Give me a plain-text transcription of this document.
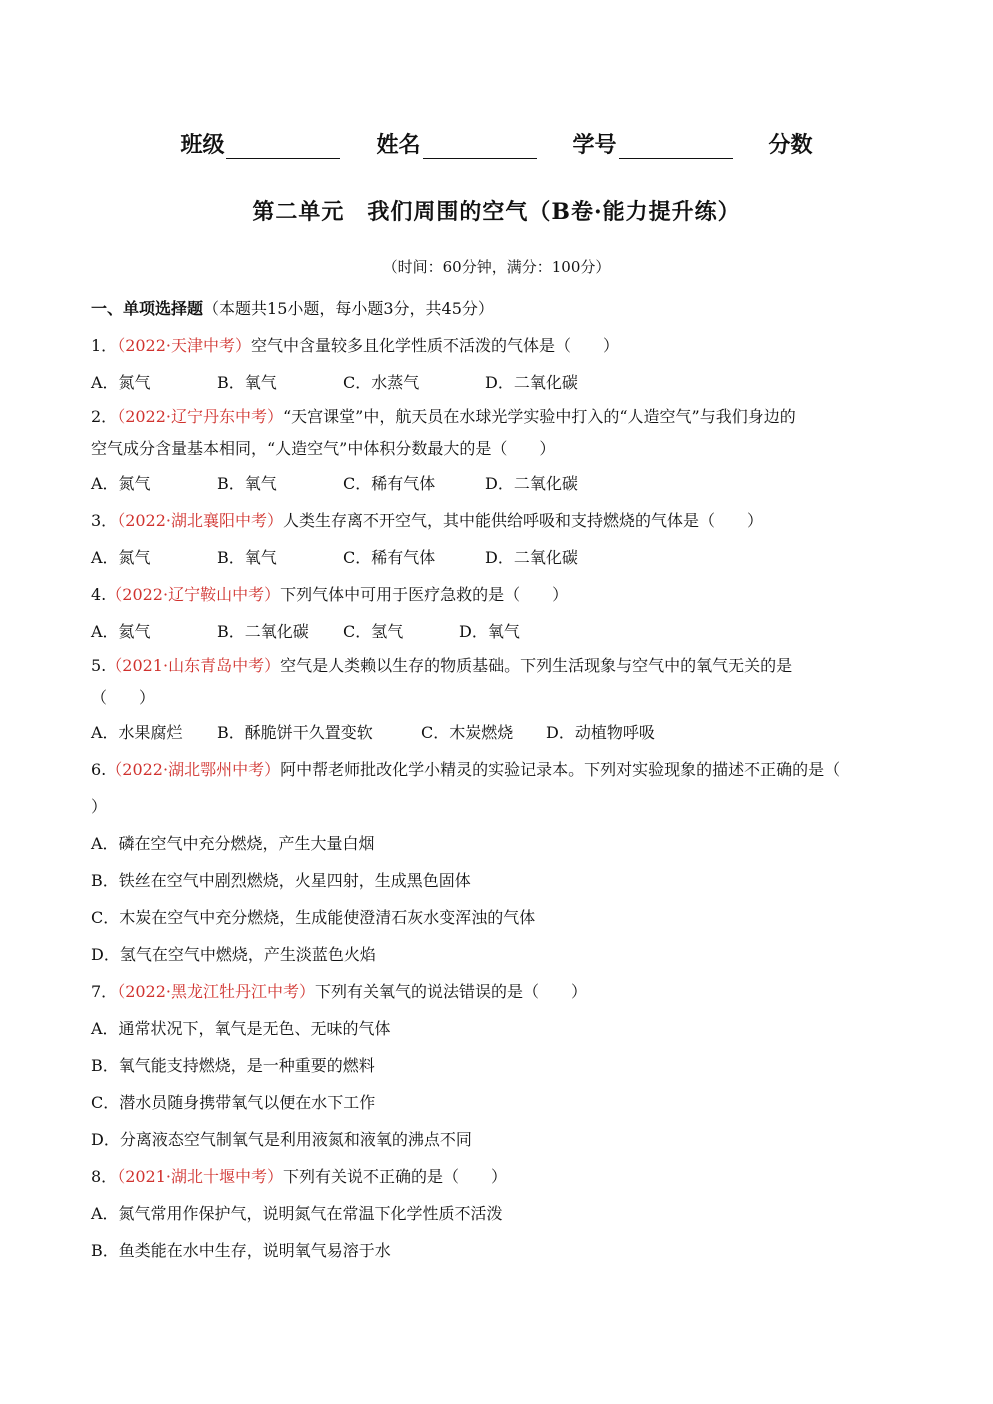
班级	姓名	学号	分数
第二单元　我们周围的空气（B卷·能力提升练）
（时间：60分钟，满分：100分）
一、单项选择题（本题共15小题，每小题3分，共45分）
1．（2022·天津中考）空气中含量较多且化学性质不活泼的气体是（　　）
A．氮气	B．氧气	C．水蒸气	D．二氧化碳
2．（2022·辽宁丹东中考）“天宫课堂”中，航天员在水球光学实验中打入的“人造空气”与我们身边的
空气成分含量基本相同，“人造空气”中体积分数最大的是（　　）
A．氮气	B．氧气	C．稀有气体	D．二氧化碳
3．（2022·湖北襄阳中考）人类生存离不开空气，其中能供给呼吸和支持燃烧的气体是（　　）
A．氮气	B．氧气	C．稀有气体	D．二氧化碳
4.（2022·辽宁鞍山中考）下列气体中可用于医疗急救的是（　　）
A．氦气	B．二氧化碳	C．氢气	D．氧气
5.（2021·山东青岛中考）空气是人类赖以生存的物质基础。下列生活现象与空气中的氧气无关的是
（　　）
A．水果腐烂	B．酥脆饼干久置变软	C．木炭燃烧	D．动植物呼吸
6.（2022·湖北鄂州中考）阿中帮老师批改化学小精灵的实验记录本。下列对实验现象的描述不正确的是（
）
A．磷在空气中充分燃烧，产生大量白烟
B．铁丝在空气中剧烈燃烧，火星四射，生成黑色固体
C．木炭在空气中充分燃烧，生成能使澄清石灰水变浑浊的气体
D．氢气在空气中燃烧，产生淡蓝色火焰
7．（2022·黑龙江牡丹江中考）下列有关氧气的说法错误的是（　　）
A．通常状况下，氧气是无色、无味的气体
B．氧气能支持燃烧，是一种重要的燃料
C．潜水员随身携带氧气以便在水下工作
D．分离液态空气制氧气是利用液氮和液氧的沸点不同
8．（2021·湖北十堰中考）下列有关说不正确的是（　　）
A．氮气常用作保护气，说明氮气在常温下化学性质不活泼
B．鱼类能在水中生存，说明氧气易溶于水
